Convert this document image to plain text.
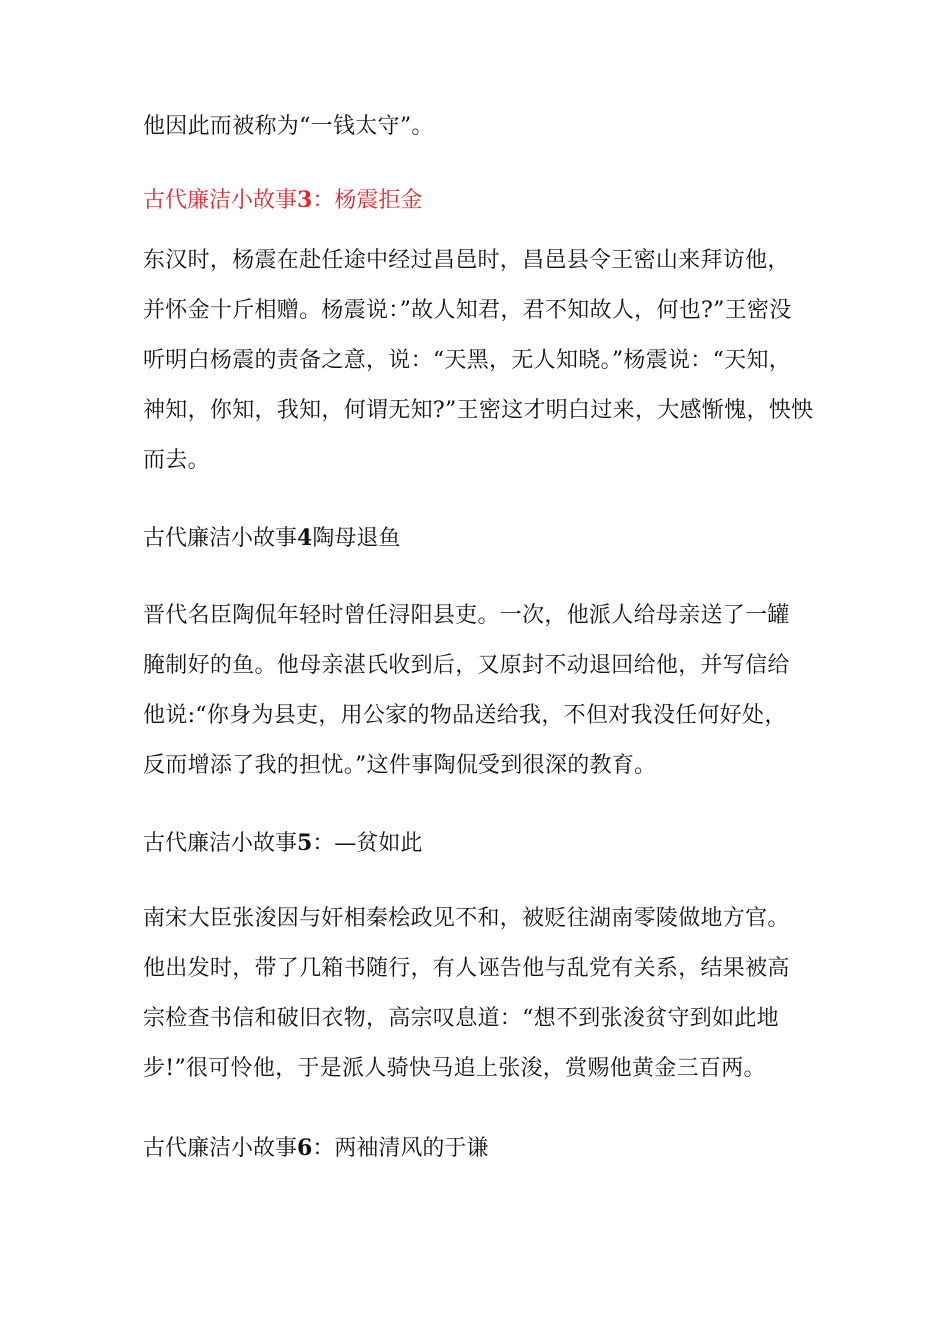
他因此而被称为“一钱太守”。

古代廉洁小故事3：杨震拒金

东汉时，杨震在赴任途中经过昌邑时，昌邑县令王密山来拜访他，
并怀金十斤相赠。杨震说：”故人知君，君不知故人，何也?”王密没
听明白杨震的责备之意，说：“天黑，无人知晓。”杨震说：“天知，
神知，你知，我知，何谓无知?”王密这才明白过来，大感惭愧，怏怏
而去。

古代廉洁小故事4陶母退鱼

晋代名臣陶侃年轻时曾任浔阳县吏。一次，他派人给母亲送了一罐
腌制好的鱼。他母亲湛氏收到后，又原封不动退回给他，并写信给
他说:“你身为县吏，用公家的物品送给我，不但对我没任何好处，
反而增添了我的担忧。”这件事陶侃受到很深的教育。

古代廉洁小故事5：—贫如此

南宋大臣张浚因与奸相秦桧政见不和，被贬往湖南零陵做地方官。
他出发时，带了几箱书随行，有人诬告他与乱党有关系，结果被高
宗检查书信和破旧衣物，高宗叹息道：“想不到张浚贫守到如此地
步!”很可怜他，于是派人骑快马追上张浚，赏赐他黄金三百两。

古代廉洁小故事6：两袖清风的于谦
